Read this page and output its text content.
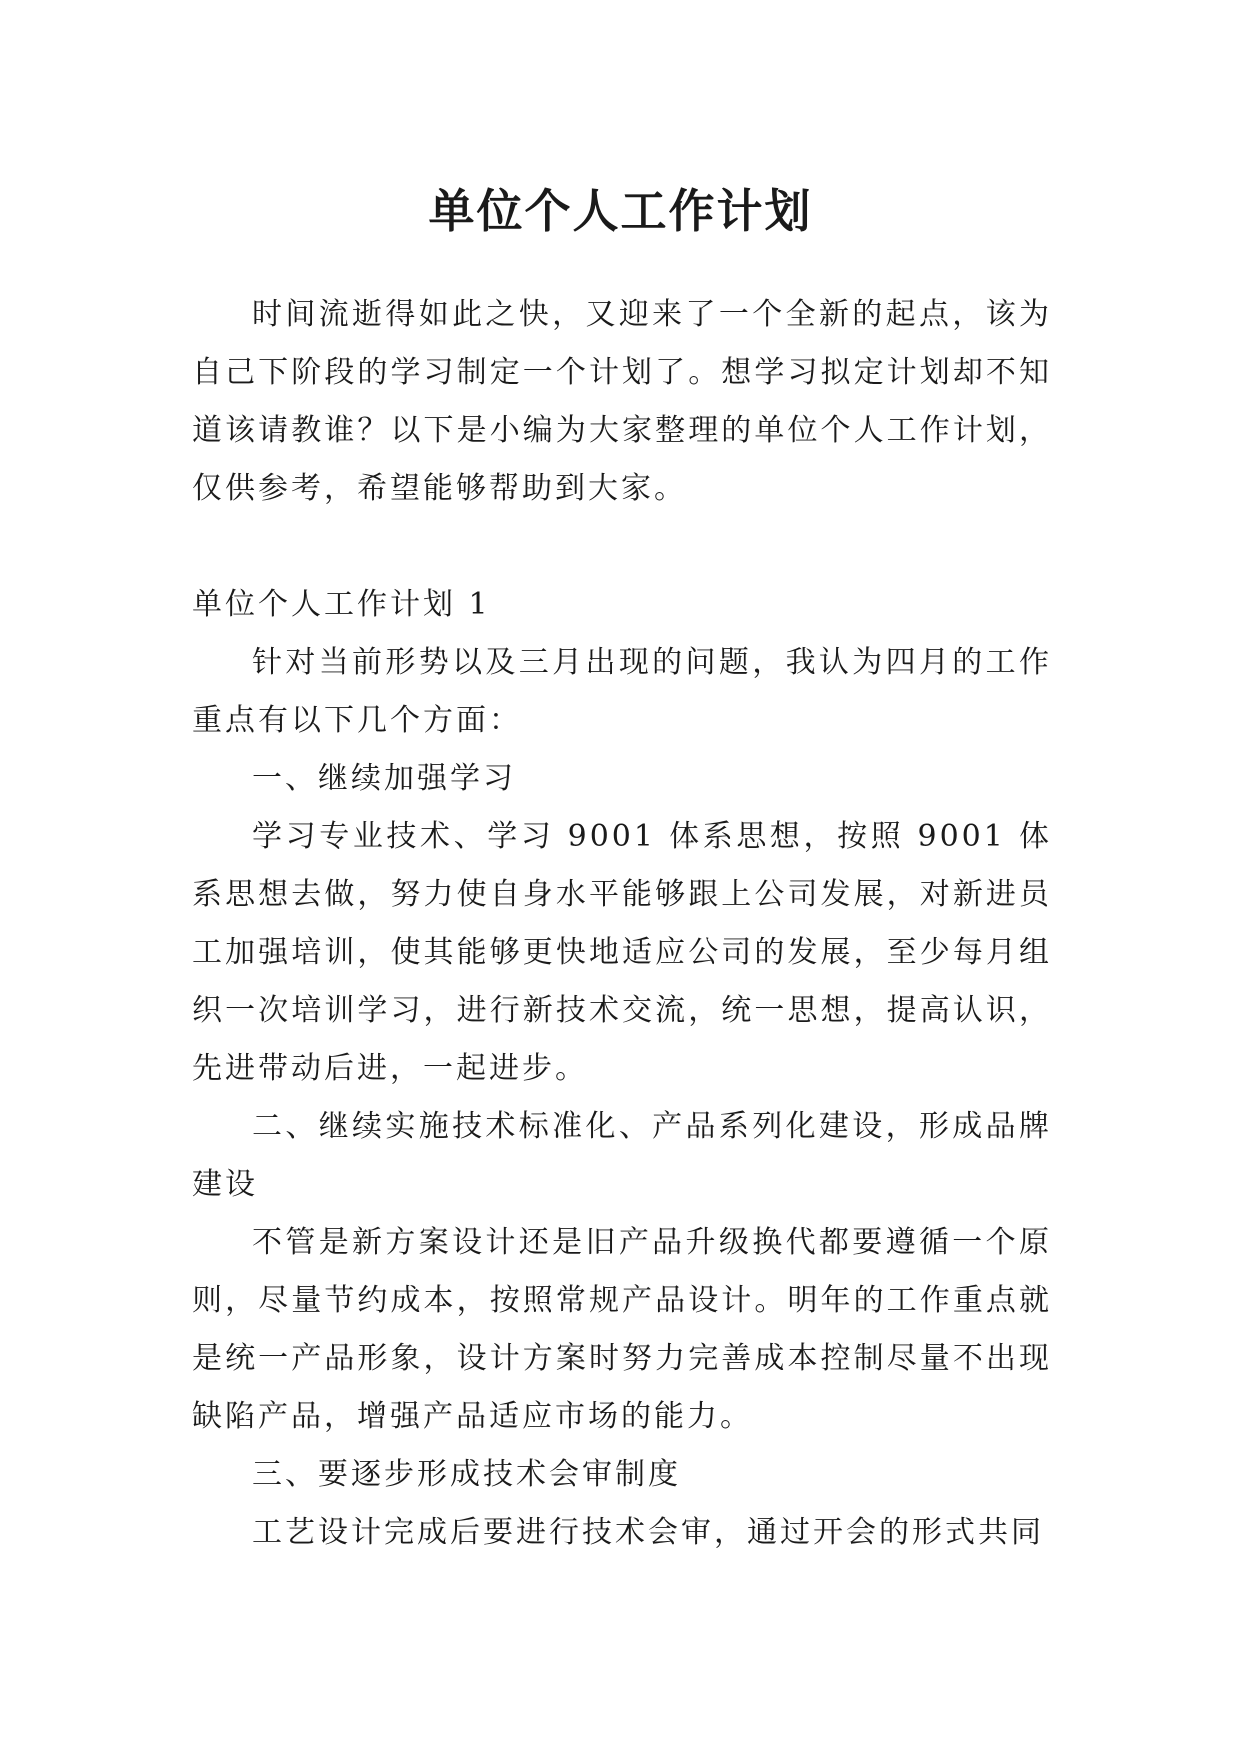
单位个人工作计划

时间流逝得如此之快，又迎来了一个全新的起点，该为自己下阶段的学习制定一个计划了。想学习拟定计划却不知道该请教谁？以下是小编为大家整理的单位个人工作计划，仅供参考，希望能够帮助到大家。

单位个人工作计划 1

针对当前形势以及三月出现的问题，我认为四月的工作重点有以下几个方面：

一、继续加强学习

学习专业技术、学习 9001 体系思想，按照 9001 体系思想去做，努力使自身水平能够跟上公司发展，对新进员工加强培训，使其能够更快地适应公司的发展，至少每月组织一次培训学习，进行新技术交流，统一思想，提高认识，先进带动后进，一起进步。

二、继续实施技术标准化、产品系列化建设，形成品牌建设

不管是新方案设计还是旧产品升级换代都要遵循一个原则，尽量节约成本，按照常规产品设计。明年的工作重点就是统一产品形象，设计方案时努力完善成本控制尽量不出现缺陷产品，增强产品适应市场的能力。

三、要逐步形成技术会审制度

工艺设计完成后要进行技术会审，通过开会的形式共同
